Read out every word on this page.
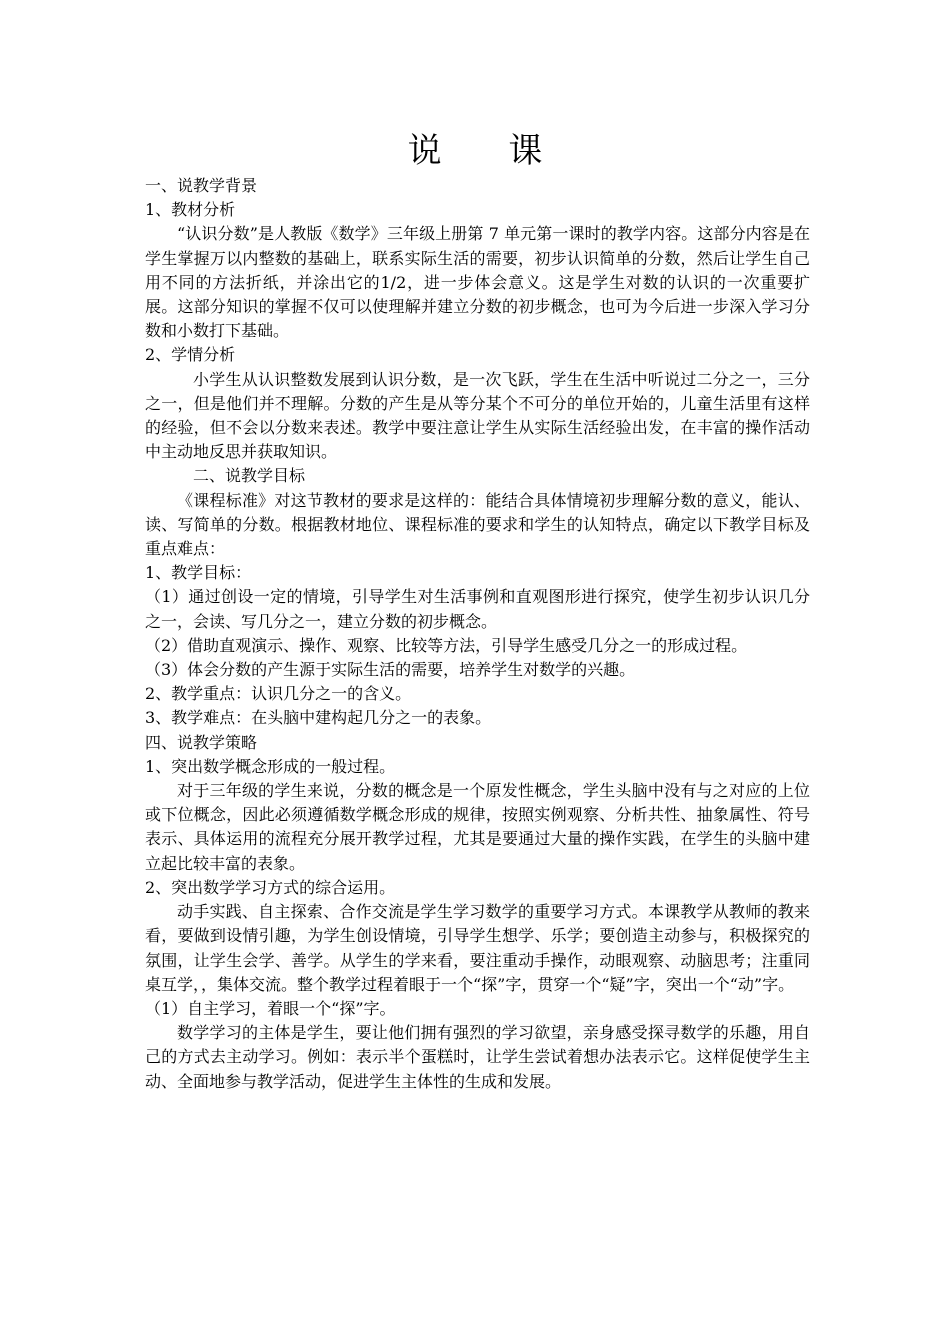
说 课

一、说教学背景

1、教材分析

“认识分数”是人教版《数学》三年级上册第 7 单元第一课时的教学内容。这部分内容是在学生掌握万以内整数的基础上，联系实际生活的需要，初步认识简单的分数，然后让学生自己用不同的方法折纸，并涂出它的1/2，进一步体会意义。这是学生对数的认识的一次重要扩展。这部分知识的掌握不仅可以使理解并建立分数的初步概念，也可为今后进一步深入学习分数和小数打下基础。

2、学情分析

小学生从认识整数发展到认识分数，是一次飞跃，学生在生活中听说过二分之一，三分之一，但是他们并不理解。分数的产生是从等分某个不可分的单位开始的，儿童生活里有这样的经验，但不会以分数来表述。教学中要注意让学生从实际生活经验出发，在丰富的操作活动中主动地反思并获取知识。

二、说教学目标

《课程标准》对这节教材的要求是这样的：能结合具体情境初步理解分数的意义，能认、读、写简单的分数。根据教材地位、课程标准的要求和学生的认知特点，确定以下教学目标及重点难点：

1、教学目标：

（1）通过创设一定的情境，引导学生对生活事例和直观图形进行探究，使学生初步认识几分之一，会读、写几分之一，建立分数的初步概念。

（2）借助直观演示、操作、观察、比较等方法，引导学生感受几分之一的形成过程。

（3）体会分数的产生源于实际生活的需要，培养学生对数学的兴趣。

2、教学重点：认识几分之一的含义。

3、教学难点：在头脑中建构起几分之一的表象。

四、说教学策略

1、突出数学概念形成的一般过程。

对于三年级的学生来说，分数的概念是一个原发性概念，学生头脑中没有与之对应的上位或下位概念，因此必须遵循数学概念形成的规律，按照实例观察、分析共性、抽象属性、符号表示、具体运用的流程充分展开教学过程，尤其是要通过大量的操作实践，在学生的头脑中建立起比较丰富的表象。

2、突出数学学习方式的综合运用。

动手实践、自主探索、合作交流是学生学习数学的重要学习方式。本课教学从教师的教来看，要做到设情引趣，为学生创设情境，引导学生想学、乐学；要创造主动参与，积极探究的氛围，让学生会学、善学。从学生的学来看，要注重动手操作，动眼观察、动脑思考；注重同桌互学，，集体交流。整个教学过程着眼于一个“探”字，贯穿一个“疑”字，突出一个“动”字。

（1）自主学习，着眼一个“探”字。

数学学习的主体是学生，要让他们拥有强烈的学习欲望，亲身感受探寻数学的乐趣，用自己的方式去主动学习。例如：表示半个蛋糕时，让学生尝试着想办法表示它。这样促使学生主动、全面地参与教学活动，促进学生主体性的生成和发展。
